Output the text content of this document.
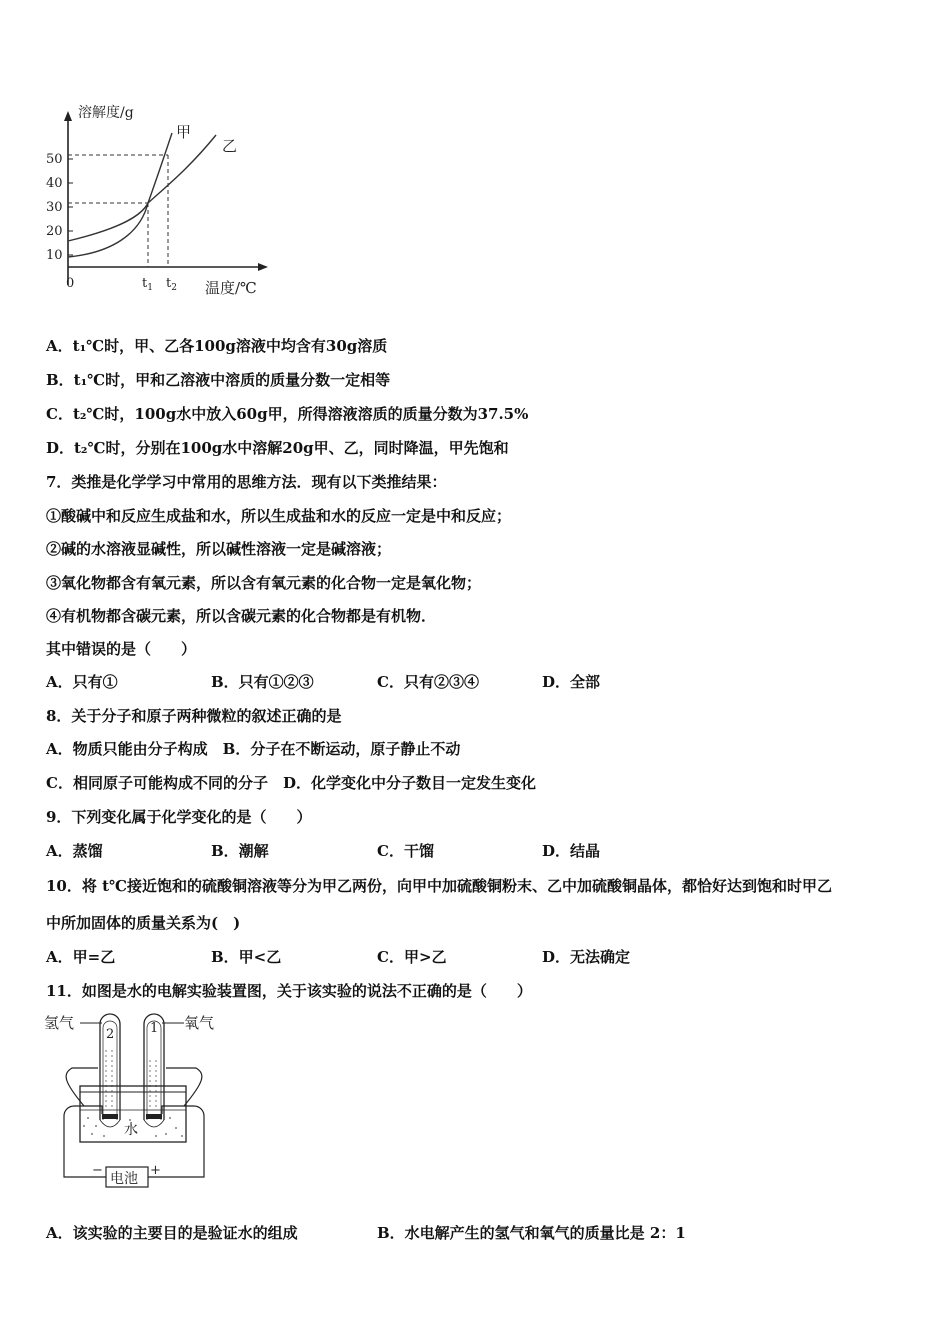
溶解度/g
温度/℃
0
10
20
30
40
50
甲
乙
$t_1$ $t_2$
A．t₁℃时，甲、乙各100g溶液中均含有30g溶质
B．t₁℃时，甲和乙溶液中溶质的质量分数一定相等
C．t₂℃时，100g水中放入60g甲，所得溶液溶质的质量分数为37.5%
D．t₂℃时，分别在100g水中溶解20g甲、乙，同时降温，甲先饱和
7．类推是化学学习中常用的思维方法．现有以下类推结果：
①酸碱中和反应生成盐和水，所以生成盐和水的反应一定是中和反应；
②碱的水溶液显碱性，所以碱性溶液一定是碱溶液；
③氧化物都含有氧元素，所以含有氧元素的化合物一定是氧化物；
④有机物都含碳元素，所以含碳元素的化合物都是有机物．
其中错误的是（　　）
A．只有①	B．只有①②③	C．只有②③④	D．全部
8．关于分子和原子两种微粒的叙述正确的是
A．物质只能由分子构成　B．分子在不断运动，原子静止不动
C．相同原子可能构成不同的分子　D．化学变化中分子数目一定发生变化
9．下列变化属于化学变化的是（　　）
A．蒸馏	B．潮解	C．干馏	D．结晶
10．将 t℃接近饱和的硫酸铜溶液等分为甲乙两份，向甲中加硫酸铜粉末、乙中加硫酸铜晶体，都恰好达到饱和时甲乙
中所加固体的质量关系为(　)
A．甲=乙	B．甲<乙	C．甲>乙	D．无法确定
11．如图是水的电解实验装置图，关于该实验的说法不正确的是（　　）
氢气	氧气
2	1
水
电池
−	+
A．该实验的主要目的是验证水的组成	B．水电解产生的氢气和氧气的质量比是 2：1
